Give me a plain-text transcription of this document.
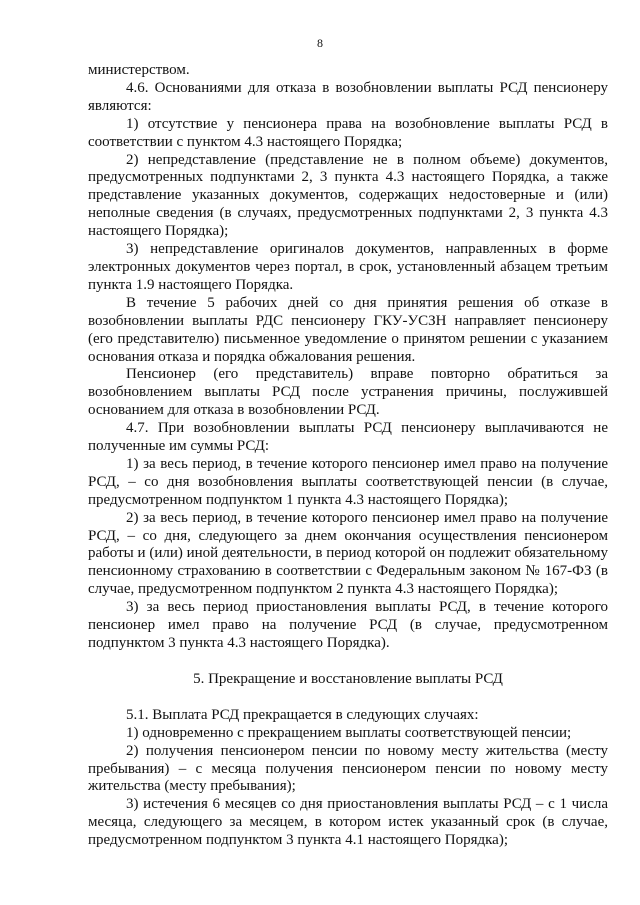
8

министерством.

4.6. Основаниями для отказа в возобновлении выплаты РСД пенсионеру являются:

1) отсутствие у пенсионера права на возобновление выплаты РСД в соответствии с пунктом 4.3 настоящего Порядка;

2) непредставление (представление не в полном объеме) документов, предусмотренных подпунктами 2, 3 пункта 4.3 настоящего Порядка, а также представление указанных документов, содержащих недостоверные и (или) неполные сведения (в случаях, предусмотренных подпунктами 2, 3 пункта 4.3 настоящего Порядка);

3) непредставление оригиналов документов, направленных в форме электронных документов через портал, в срок, установленный абзацем третьим пункта 1.9 настоящего Порядка.

В течение 5 рабочих дней со дня принятия решения об отказе в возобновлении выплаты РДС пенсионеру ГКУ-УСЗН направляет пенсионеру (его представителю) письменное уведомление о принятом решении с указанием основания отказа и порядка обжалования решения.

Пенсионер (его представитель) вправе повторно обратиться за возобновлением выплаты РСД после устранения причины, послужившей основанием для отказа в возобновлении РСД.

4.7. При возобновлении выплаты РСД пенсионеру выплачиваются не полученные им суммы РСД:

1) за весь период, в течение которого пенсионер имел право на получение РСД, – со дня возобновления выплаты соответствующей пенсии (в случае, предусмотренном подпунктом 1 пункта 4.3 настоящего Порядка);

2) за весь период, в течение которого пенсионер имел право на получение РСД, – со дня, следующего за днем окончания осуществления пенсионером работы и (или) иной деятельности, в период которой он подлежит обязательному пенсионному страхованию в соответствии с Федеральным законом № 167-ФЗ (в случае, предусмотренном подпунктом 2 пункта 4.3 настоящего Порядка);

3) за весь период приостановления выплаты РСД, в течение которого пенсионер имел право на получение РСД (в случае, предусмотренном подпунктом 3 пункта 4.3 настоящего Порядка).

5. Прекращение и восстановление выплаты РСД

5.1. Выплата РСД прекращается в следующих случаях:

1) одновременно с прекращением выплаты соответствующей пенсии;

2) получения пенсионером пенсии по новому месту жительства (месту пребывания) – с месяца получения пенсионером пенсии по новому месту жительства (месту пребывания);

3) истечения 6 месяцев со дня приостановления выплаты РСД – с 1 числа месяца, следующего за месяцем, в котором истек указанный срок (в случае, предусмотренном подпунктом 3 пункта 4.1 настоящего Порядка);
